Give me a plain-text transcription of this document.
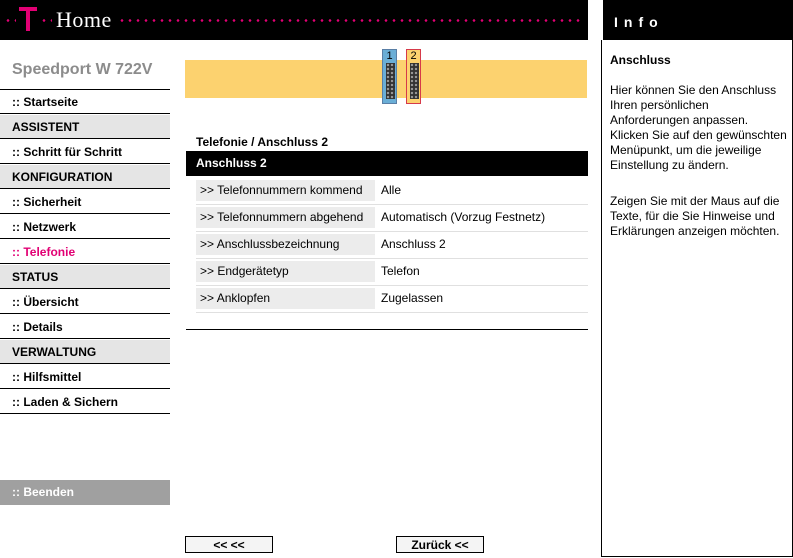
Home	Info
Anschluss
Hier können Sie den Anschluss Ihren persönlichen Anforderungen anpassen. Klicken Sie auf den gewünschten Menüpunkt, um die jeweilige Einstellung zu ändern.
Zeigen Sie mit der Maus auf die Texte, für die Sie Hinweise und Erklärungen anzeigen möchten.
Speedport W 722V
:: Startseite
ASSISTENT
:: Schritt für Schritt
KONFIGURATION
:: Sicherheit
:: Netzwerk
:: Telefonie
STATUS
:: Übersicht
:: Details
VERWALTUNG
:: Hilfsmittel
:: Laden & Sichern
:: Beenden
1	2
Telefonie / Anschluss 2
Anschluss 2
>> Telefonnummern kommend	Alle
>> Telefonnummern abgehend	Automatisch (Vorzug Festnetz)
>> Anschlussbezeichnung	Anschluss 2
>> Endgerätetyp	Telefon
>> Anklopfen	Zugelassen
<< <<	Zurück <<
